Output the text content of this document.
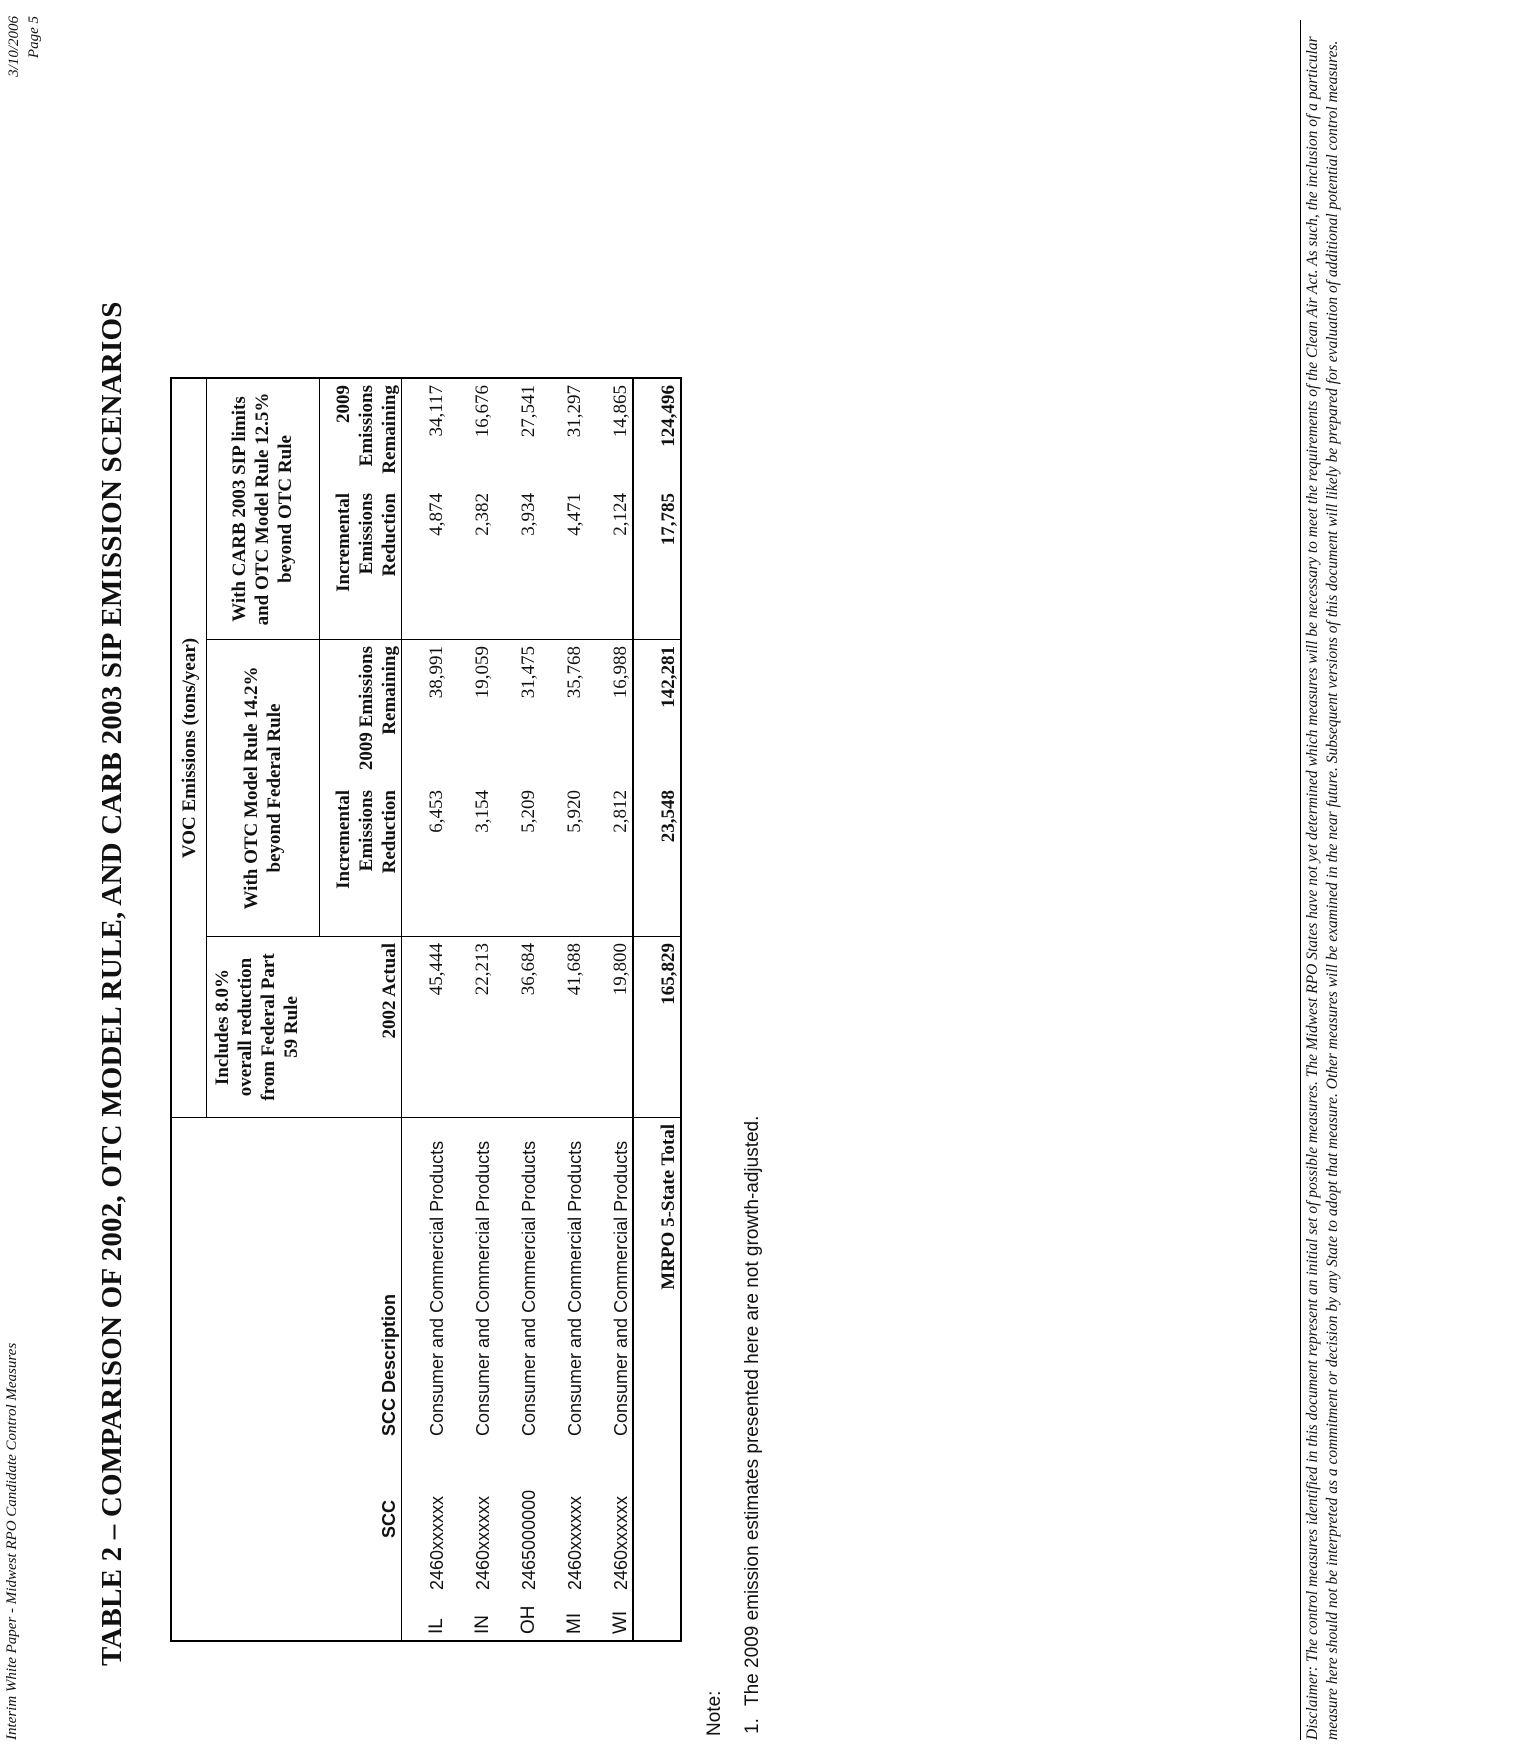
Interim White Paper - Midwest RPO Candidate Control Measures
3/10/2006 Page 5
TABLE 2 – COMPARISON OF 2002, OTC MODEL RULE, AND CARB 2003 SIP EMISSION SCENARIOS
			VOC Emissions (tons/year)				
			Includes 8.0% overall reduction from Federal Part 59 Rule	With OTC Model Rule 14.2% beyond Federal Rule		With CARB 2003 SIP limits and OTC Model Rule 12.5% beyond OTC Rule	
	SCC	SCC Description	2002 Actual	Incremental Emissions Reduction	2009 Emissions Remaining	Incremental Emissions Reduction	2009 Emissions Remaining
IL	2460xxxxxx	Consumer and Commercial Products	45,444	6,453	38,991	4,874	34,117
IN	2460xxxxxx	Consumer and Commercial Products	22,213	3,154	19,059	2,382	16,676
OH	2465000000	Consumer and Commercial Products	36,684	5,209	31,475	3,934	27,541
MI	2460xxxxxx	Consumer and Commercial Products	41,688	5,920	35,768	4,471	31,297
WI	2460xxxxxx	Consumer and Commercial Products	19,800	2,812	16,988	2,124	14,865
MRPO 5-State Total			165,829	23,548	142,281	17,785	124,496
Note: 1.The 2009 emission estimates presented here are not growth-adjusted.	Disclaimer: The control measures identified in this document represent an initial set of possible measures. The Midwest RPO States have not yet determined which measures will be necessary to meet the requirements of the Clean Air Act. As such, the inclusion of a particular measure here should not be interpreted as a commitment or decision by any State to adopt that measure. Other measures will be examined in the near future. Subsequent versions of this document will likely be prepared for evaluation of additional potential control measures.
